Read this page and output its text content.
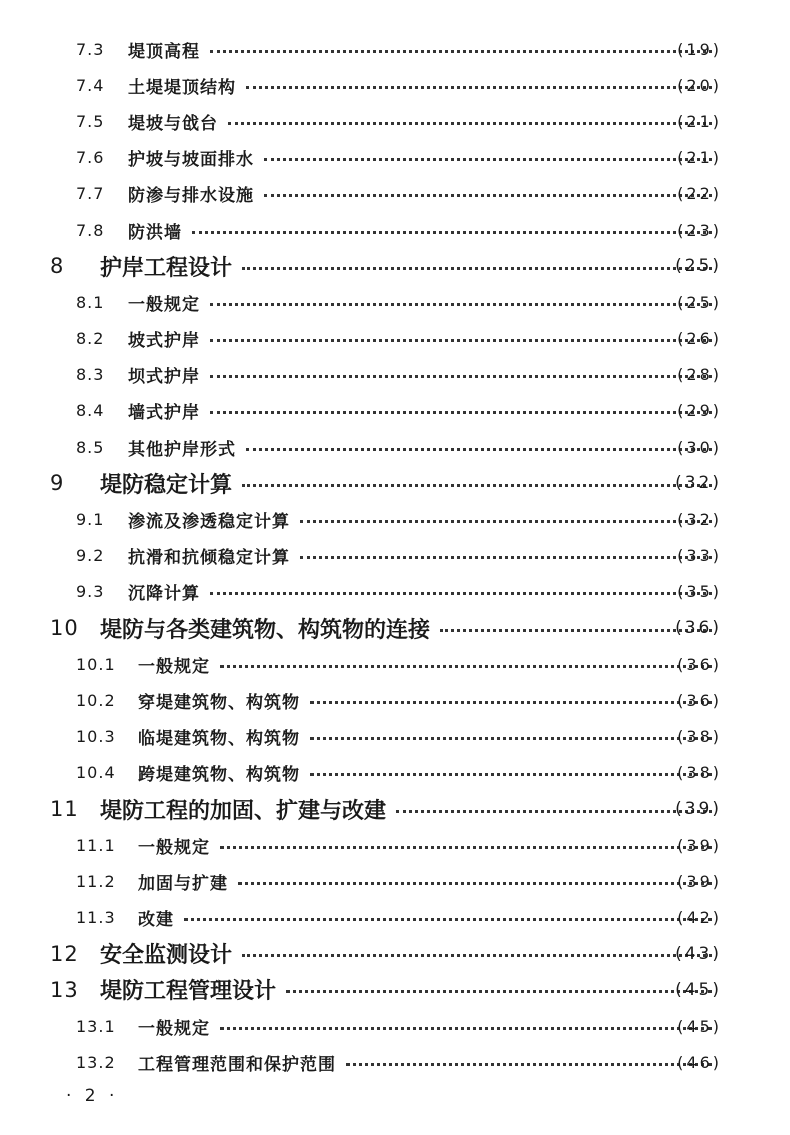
7.3	堤顶高程	(19)
7.4	土堤堤顶结构	(20)
7.5	堤坡与戗台	(21)
7.6	护坡与坡面排水	(21)
7.7	防渗与排水设施	(22)
7.8	防洪墙	(23)
8	护岸工程设计	(25)
8.1	一般规定	(25)
8.2	坡式护岸	(26)
8.3	坝式护岸	(28)
8.4	墙式护岸	(29)
8.5	其他护岸形式	(30)
9	堤防稳定计算	(32)
9.1	渗流及渗透稳定计算	(32)
9.2	抗滑和抗倾稳定计算	(33)
9.3	沉降计算	(35)
10 堤防与各类建筑物、构筑物的连接	(36)
10.1	一般规定	(36)
10.2	穿堤建筑物、构筑物	(36)
10.3	临堤建筑物、构筑物	(38)
10.4	跨堤建筑物、构筑物	(38)
11 堤防工程的加固、扩建与改建	(39)
11.1	一般规定	(39)
11.2	加固与扩建	(39)
11.3	改建	(42)
12 安全监测设计	(43)
13 堤防工程管理设计	(45)
13.1	一般规定	(45)
13.2	工程管理范围和保护范围	(46)
· 2 ·
